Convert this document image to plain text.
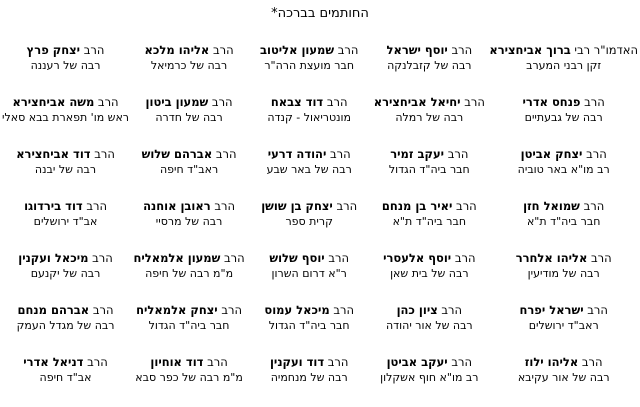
החותמים בברכה*
האדמו"ר רבי ברוך אביחצירא
זקן רבני המערב
הרב יוסף ישראל
רבה של קזבלנקה
הרב שמעון אליטוב
חבר מועצת הרה"ר
הרב אליהו מלכא
רבה של כרמיאל
הרב יצחק פרץ
רבה של רעננה
הרב פנחס אדרי
רבה של גבעתיים
הרב יחיאל אביחצירא
רבה של רמלה
הרב דוד צבאח
מונטריאול - קנדה
הרב שמעון ביטון
רבה של חדרה
הרב משה אביחצירא
ראש מו' תפארת בבא סאלי
הרב יצחק אביטן
רב מו"א באר טוביה
הרב יעקב זמיר
חבר ביה"ד הגדול
הרב יהודה דרעי
רבה של באר שבע
הרב אברהם שלוש
ראב"ד חיפה
הרב דוד אביחצירא
רבה של יבנה
הרב שמואל חזן
חבר ביה"ד ת"א
הרב יאיר בן מנחם
חבר ביה"ד ת"א
הרב יצחק בן שושן
קרית ספר
הרב ראובן אוחנה
רבה של מרסיי
הרב דוד בירדוגו
אב"ד ירושלים
הרב אליהו אלחרר
רבה של מודיעין
הרב יוסף אלעסרי
רבה של בית שאן
הרב יוסף שלוש
ר"א דרום השרון
הרב שמעון אלמאליח
מ"מ רבה של חיפה
הרב מיכאל ועקנין
רבה של יקנעם
הרב ישראל יפרח
ראב"ד ירושלים
הרב ציון כהן
רבה של אור יהודה
הרב מיכאל עמוס
חבר ביה"ד הגדול
הרב יצחק אלמאליח
חבר ביה"ד הגדול
הרב אברהם מנחם
רבה של מגדל העמק
הרב אליהו ילוז
רבה של אור עקיבא
הרב יעקב אביטן
רב מו"א חוף אשקלון
הרב דוד ועקנין
רבה של מנחמיה
הרב דוד אוחיון
מ"מ רבה של כפר סבא
הרב דניאל אדרי
אב"ד חיפה
